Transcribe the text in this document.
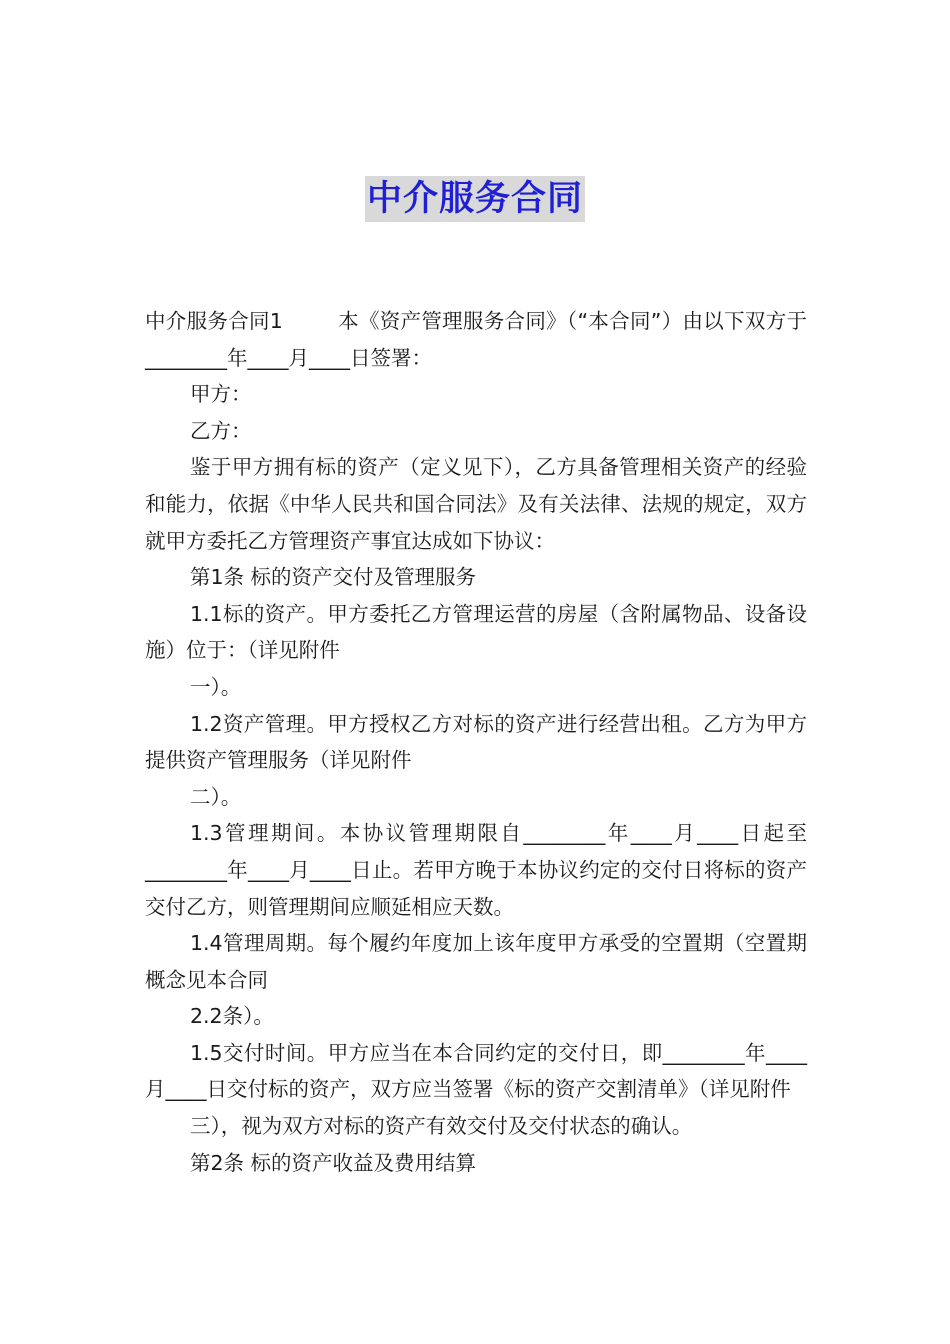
中介服务合同

中介服务合同1	本《资产管理服务合同》（“本合同”）由以下双方于________年____月____日签署：

甲方：

乙方：

鉴于甲方拥有标的资产（定义见下），乙方具备管理相关资产的经验和能力，依据《中华人民共和国合同法》及有关法律、法规的规定，双方就甲方委托乙方管理资产事宜达成如下协议：

第1条 标的资产交付及管理服务

1.1标的资产。甲方委托乙方管理运营的房屋（含附属物品、设备设施）位于：（详见附件

一）。

1.2资产管理。甲方授权乙方对标的资产进行经营出租。乙方为甲方提供资产管理服务（详见附件

二）。

1.3管理期间。本协议管理期限自________年____月____日起至________年____月____日止。若甲方晚于本协议约定的交付日将标的资产交付乙方，则管理期间应顺延相应天数。

1.4管理周期。每个履约年度加上该年度甲方承受的空置期（空置期概念见本合同

2.2条）。

1.5交付时间。甲方应当在本合同约定的交付日，即________年____月____日交付标的资产，双方应当签署《标的资产交割清单》（详见附件

三），视为双方对标的资产有效交付及交付状态的确认。

第2条 标的资产收益及费用结算
